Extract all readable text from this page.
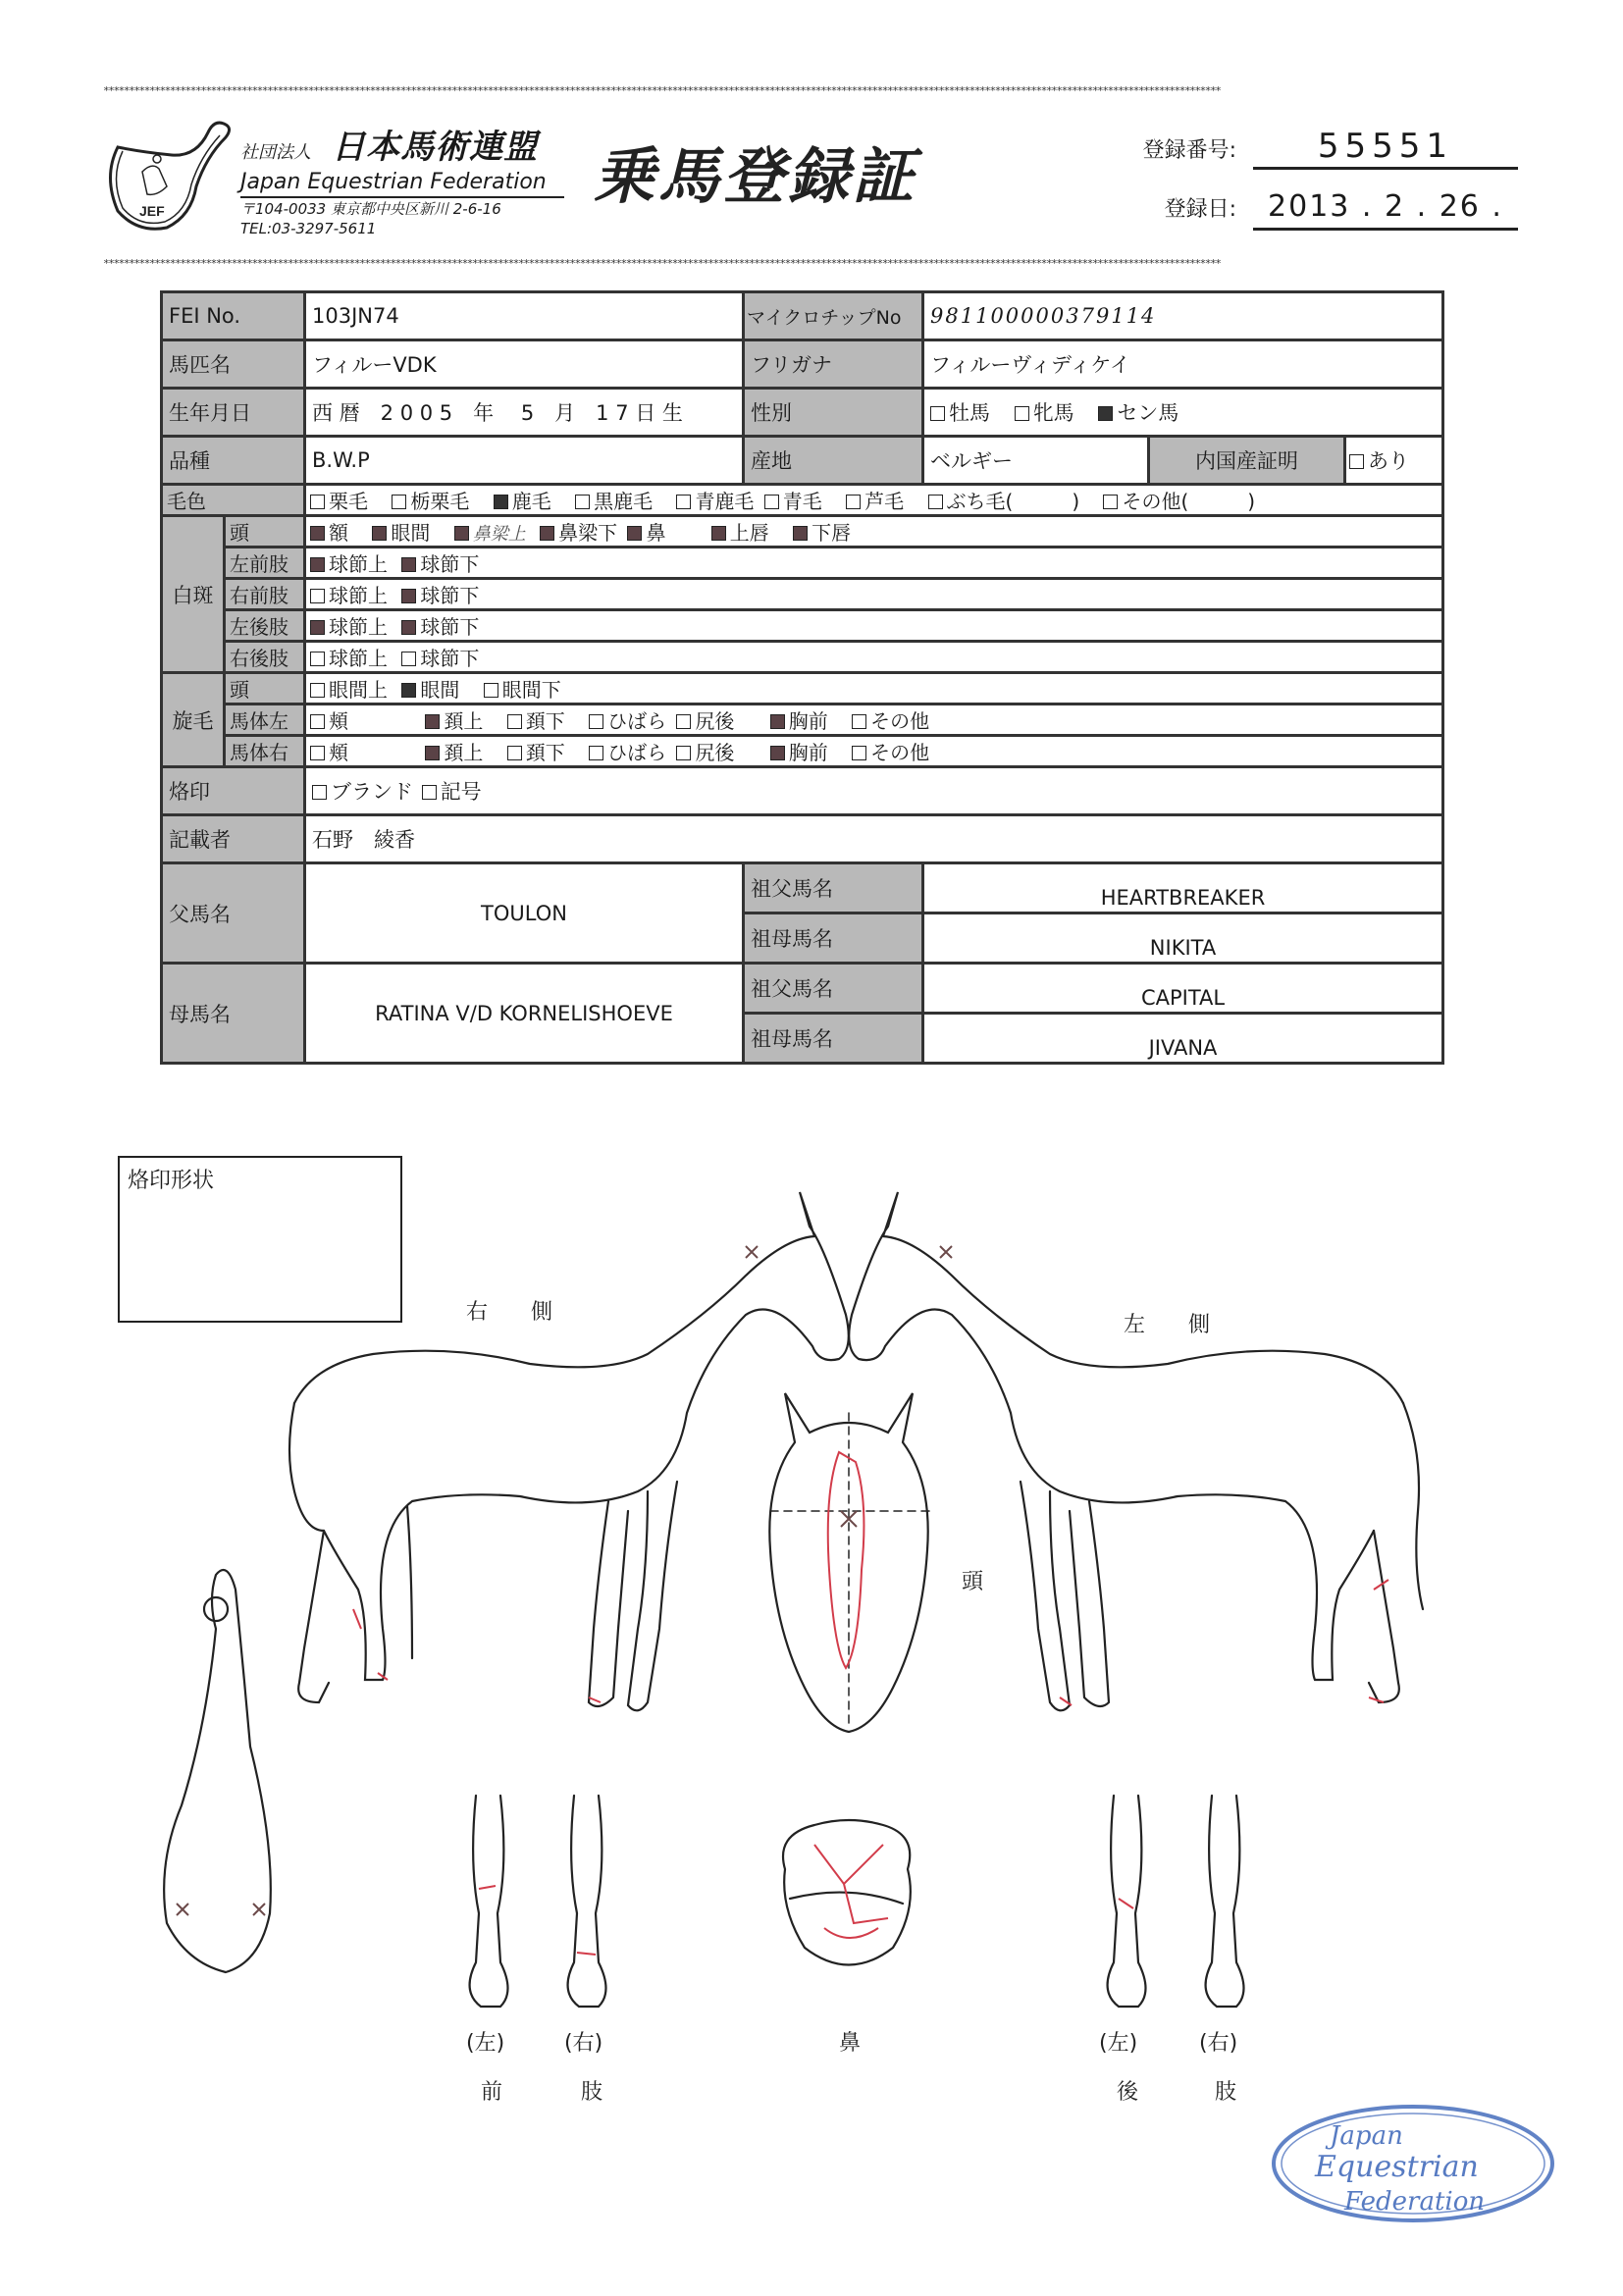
**************************************************************************************************************************************************************************************************************************
**************************************************************************************************************************************************************************************************************************
JEF
社団法人 日本馬術連盟
Japan Equestrian Federation
〒104-0033 東京都中央区新川 2-6-16
TEL:03-3297-5611
乗馬登録証	登録番号: 55551
登録日: 2013 . 2 . 26 .
FEI No.		103JN74	マイクロチップNo	981100000379114		
馬匹名		フィルーVDK	フリガナ	フィルーヴィディケイ		
生年月日		西 暦　2 0 0 5　年　 5　月　1 7 日 生	性別	牡馬 牝馬 セン馬		
品種		B.W.P	産地	ベルギー	内国産証明	あり
毛色		栗毛 栃栗毛 鹿毛 黒鹿毛 青鹿毛 青毛 芦毛 ぶち毛(　　　) その他(　　　)				
白斑	頭	額 眼間 鼻梁上 鼻梁下 鼻 上唇 下唇				
	左前肢	球節上 球節下				
	右前肢	球節上 球節下				
	左後肢	球節上 球節下				
	右後肢	球節上 球節下				
旋毛	頭	眼間上 眼間 眼間下				
	馬体左	頬 頚上 頚下 ひばら 尻後 胸前 その他				
	馬体右	頬 頚上 頚下 ひばら 尻後 胸前 その他				
烙印		ブランド 記号				
記載者		石野　綾香				
父馬名		TOULON	祖父馬名	HEARTBREAKER		
			祖母馬名	NIKITA		
母馬名		RATINA V/D KORNELISHOEVE	祖父馬名	CAPITAL		
			祖母馬名	JIVANA		
烙印形状
右　　側
左　　側
頭
鼻
(左)	(右)
前	肢
(左)	(右)
後	肢
Japan
Equestrian
Federation
